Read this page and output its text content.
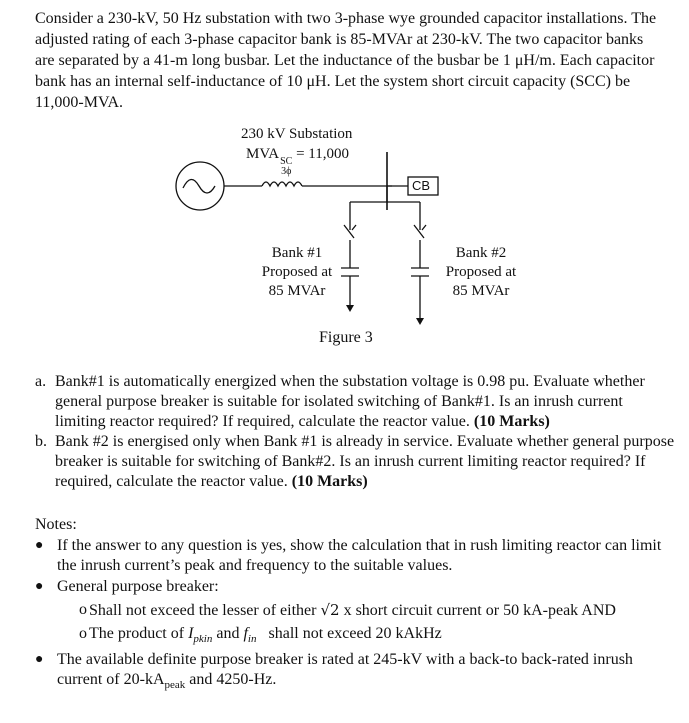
Consider a 230-kV, 50 Hz substation with two 3-phase wye grounded capacitor installations. The adjusted rating of each 3-phase capacitor bank is 85-MVAr at 230-kV. The two capacitor banks are separated by a 41-m long busbar. Let the inductance of the busbar be 1 μH/m. Each capacitor bank has an internal self-inductance of 10 μH. Let the system short circuit capacity (SCC) be 11,000-MVA.
230 kV Substation
MVA SC
3ϕ
= 11,000
CB
Bank #1
Proposed at
85 MVAr
Bank #2
Proposed at
85 MVAr
Figure 3
a. Bank#1 is automatically energized when the substation voltage is 0.98 pu. Evaluate whether general purpose breaker is suitable for isolated switching of Bank#1. Is an inrush current limiting reactor required? If required, calculate the reactor value. (10 Marks)
b. Bank #2 is energised only when Bank #1 is already in service. Evaluate whether general purpose breaker is suitable for switching of Bank#2. Is an inrush current limiting reactor required? If required, calculate the reactor value. (10 Marks)
Notes:
● If the answer to any question is yes, show the calculation that in rush limiting reactor can limit the inrush current’s peak and frequency to the suitable values.
● General purpose breaker:
o Shall not exceed the lesser of either √2 x short circuit current or 50 kA-peak AND
o The product of $I_{pkin}$ and $f_{in}$   shall not exceed 20 kAkHz
● The available definite purpose breaker is rated at 245-kV with a back-to back-rated inrush current of $20-kA_{peak}$ and 4250-Hz.
